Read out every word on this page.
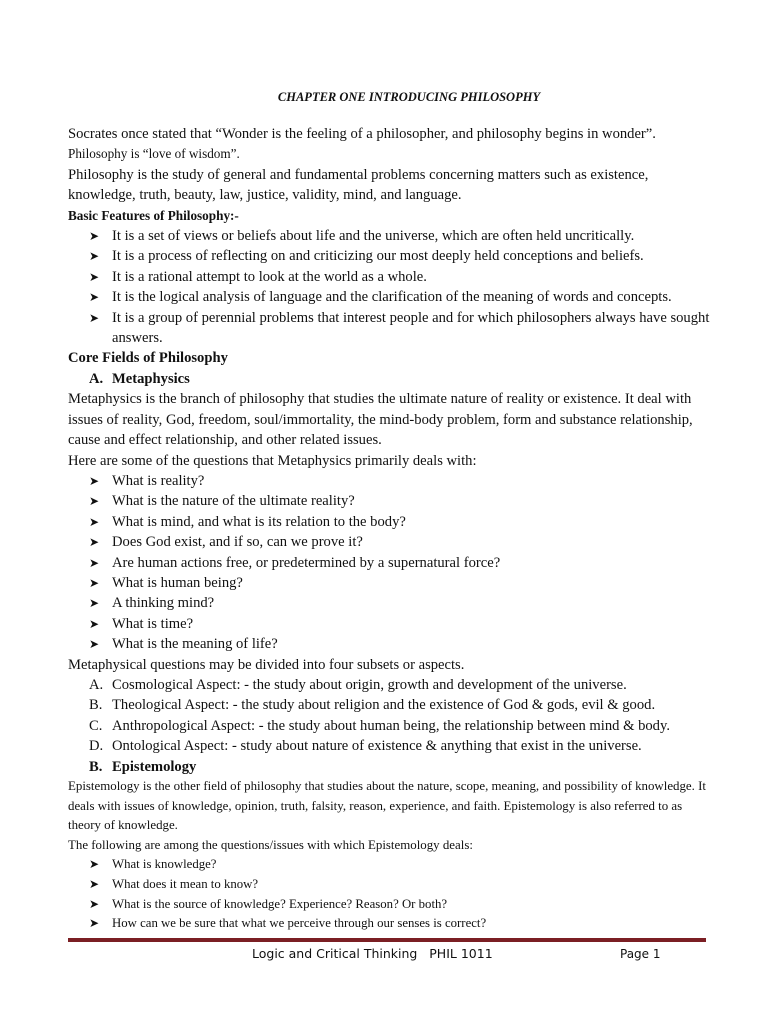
CHAPTER ONE INTRODUCING PHILOSOPHY

Socrates once stated that “Wonder is the feeling of a philosopher, and philosophy begins in wonder”.

Philosophy is “love of wisdom”.

Philosophy is the study of general and fundamental problems concerning matters such as existence, knowledge, truth, beauty, law, justice, validity, mind, and language.

Basic Features of Philosophy:-

➤ It is a set of views or beliefs about life and the universe, which are often held uncritically.
➤ It is a process of reflecting on and criticizing our most deeply held conceptions and beliefs.
➤ It is a rational attempt to look at the world as a whole.
➤ It is the logical analysis of language and the clarification of the meaning of words and concepts.
➤ It is a group of perennial problems that interest people and for which philosophers always have sought answers.

Core Fields of Philosophy

A. Metaphysics

Metaphysics is the branch of philosophy that studies the ultimate nature of reality or existence. It deal with issues of reality, God, freedom, soul/immortality, the mind-body problem, form and substance relationship, cause and effect relationship, and other related issues.

Here are some of the questions that Metaphysics primarily deals with:

➤ What is reality?
➤ What is the nature of the ultimate reality?
➤ What is mind, and what is its relation to the body?
➤ Does God exist, and if so, can we prove it?
➤ Are human actions free, or predetermined by a supernatural force?
➤ What is human being?
➤ A thinking mind?
➤ What is time?
➤ What is the meaning of life?

Metaphysical questions may be divided into four subsets or aspects.

A. Cosmological Aspect: - the study about origin, growth and development of the universe.
B. Theological Aspect: - the study about religion and the existence of God & gods, evil & good.
C. Anthropological Aspect: - the study about human being, the relationship between mind & body.
D. Ontological Aspect: - study about nature of existence & anything that exist in the universe.
B. Epistemology

Epistemology is the other field of philosophy that studies about the nature, scope, meaning, and possibility of knowledge. It deals with issues of knowledge, opinion, truth, falsity, reason, experience, and faith. Epistemology is also referred to as theory of knowledge.

The following are among the questions/issues with which Epistemology deals:

➤ What is knowledge?
➤ What does it mean to know?
➤ What is the source of knowledge? Experience? Reason? Or both?
➤ How can we be sure that what we perceive through our senses is correct?
Logic and Critical Thinking   PHIL 1011	Page 1
